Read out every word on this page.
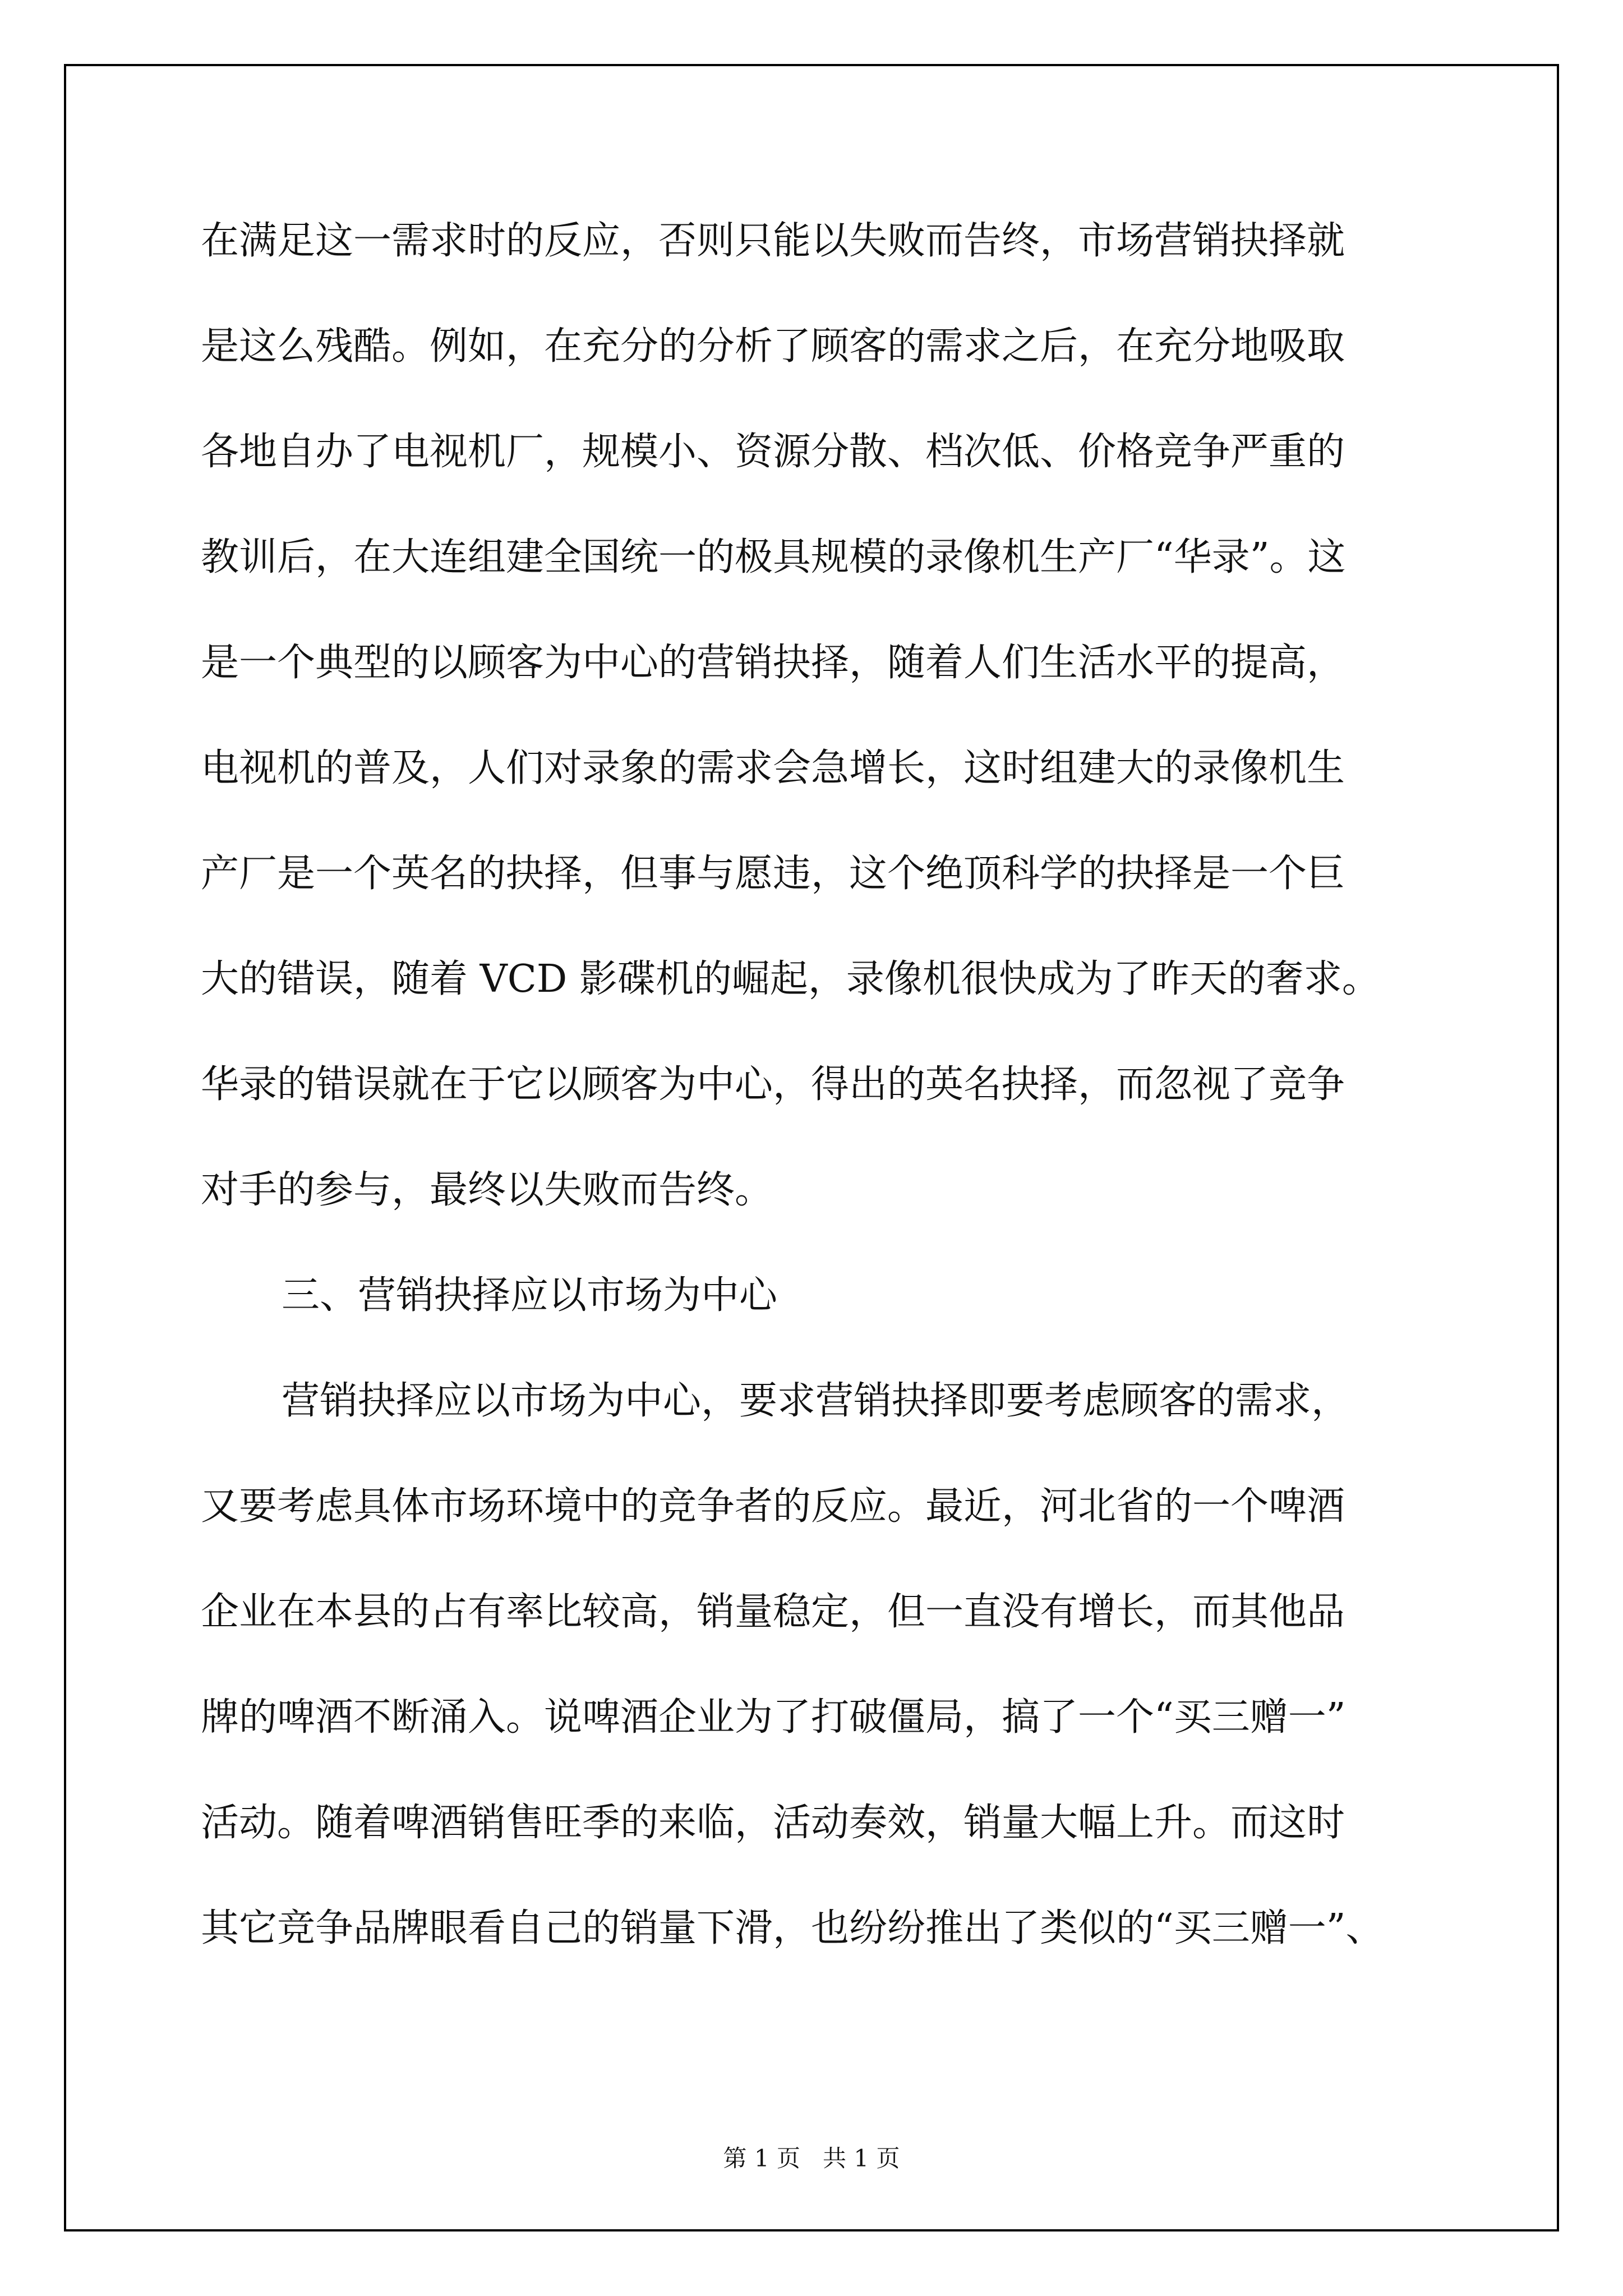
在满足这一需求时的反应，否则只能以失败而告终，市场营销抉择就
是这么残酷。例如，在充分的分析了顾客的需求之后，在充分地吸取
各地自办了电视机厂，规模小、资源分散、档次低、价格竞争严重的
教训后，在大连组建全国统一的极具规模的录像机生产厂“华录”。这
是一个典型的以顾客为中心的营销抉择，随着人们生活水平的提高，
电视机的普及，人们对录象的需求会急增长，这时组建大的录像机生
产厂是一个英名的抉择，但事与愿违，这个绝顶科学的抉择是一个巨
大的错误，随着 VCD 影碟机的崛起，录像机很快成为了昨天的奢求。
华录的错误就在于它以顾客为中心，得出的英名抉择，而忽视了竞争
对手的参与，最终以失败而告终。
三、营销抉择应以市场为中心
营销抉择应以市场为中心，要求营销抉择即要考虑顾客的需求，
又要考虑具体市场环境中的竞争者的反应。最近，河北省的一个啤酒
企业在本县的占有率比较高，销量稳定，但一直没有增长，而其他品
牌的啤酒不断涌入。说啤酒企业为了打破僵局，搞了一个“买三赠一”
活动。随着啤酒销售旺季的来临，活动奏效，销量大幅上升。而这时
其它竞争品牌眼看自己的销量下滑，也纷纷推出了类似的“买三赠一”、
第 1 页   共 1 页
